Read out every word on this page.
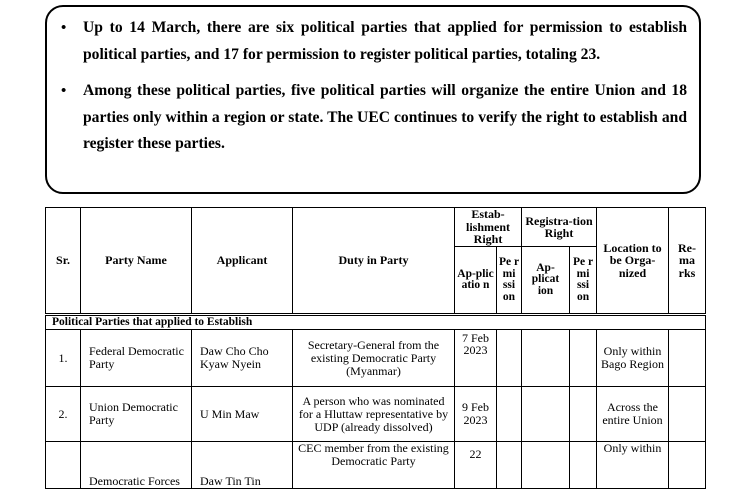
• Up to 14 March, there are six political parties that applied for permission to establish political parties, and 17 for permission to register political parties, totaling 23.
• Among these political parties, five political parties will organize the entire Union and 18 parties only within a region or state. The UEC continues to verify the right to establish and register these parties.
Sr.	Party Name	Applicant	Duty in Party	Estab-lishment Right		Registra-tion Right		Location to be Orga-nized	Re-ma rks
				Ap-plic atio n	Pe r mi ssi on	Ap-plicat ion	Pe r mi ssi on		
Political Parties that applied to Establish									
1.	Federal Democratic Party	Daw Cho Cho Kyaw Nyein	Secretary-General from the existing Democratic Party (Myanmar)	7 Feb 2023				Only within Bago Region	
2.	Union Democratic Party	U Min Maw	A person who was nominated for a Hluttaw representative by UDP (already dissolved)	9 Feb 2023				Across the entire Union	
	Democratic Forces	Daw Tin Tin	CEC member from the existing Democratic Party	22				Only within	
